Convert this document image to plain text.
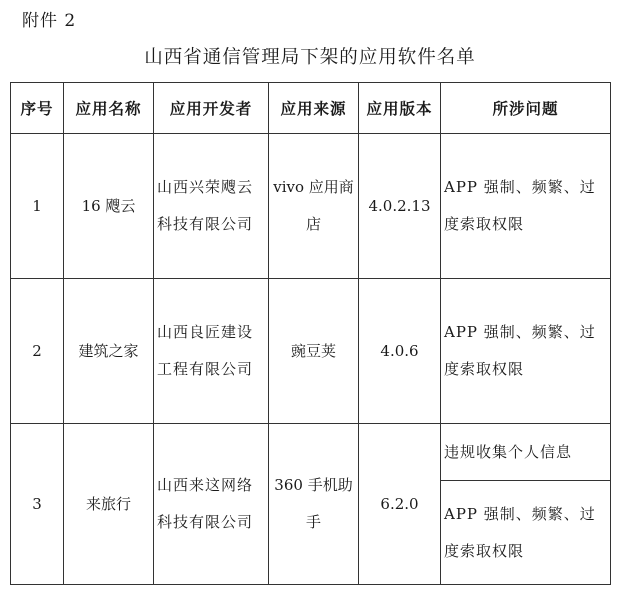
附件 2
山西省通信管理局下架的应用软件名单
序号	应用名称	应用开发者	应用来源	应用版本	所涉问题
1	16 飕云	山西兴荣飕云科技有限公司	vivo 应用商店	4.0.2.13	APP 强制、频繁、过度索取权限
2	建筑之家	山西良匠建设工程有限公司	豌豆荚	4.0.6	APP 强制、频繁、过度索取权限
3	来旅行	山西来这网络科技有限公司	360 手机助手	6.2.0	违规收集个人信息
					APP 强制、频繁、过度索取权限
